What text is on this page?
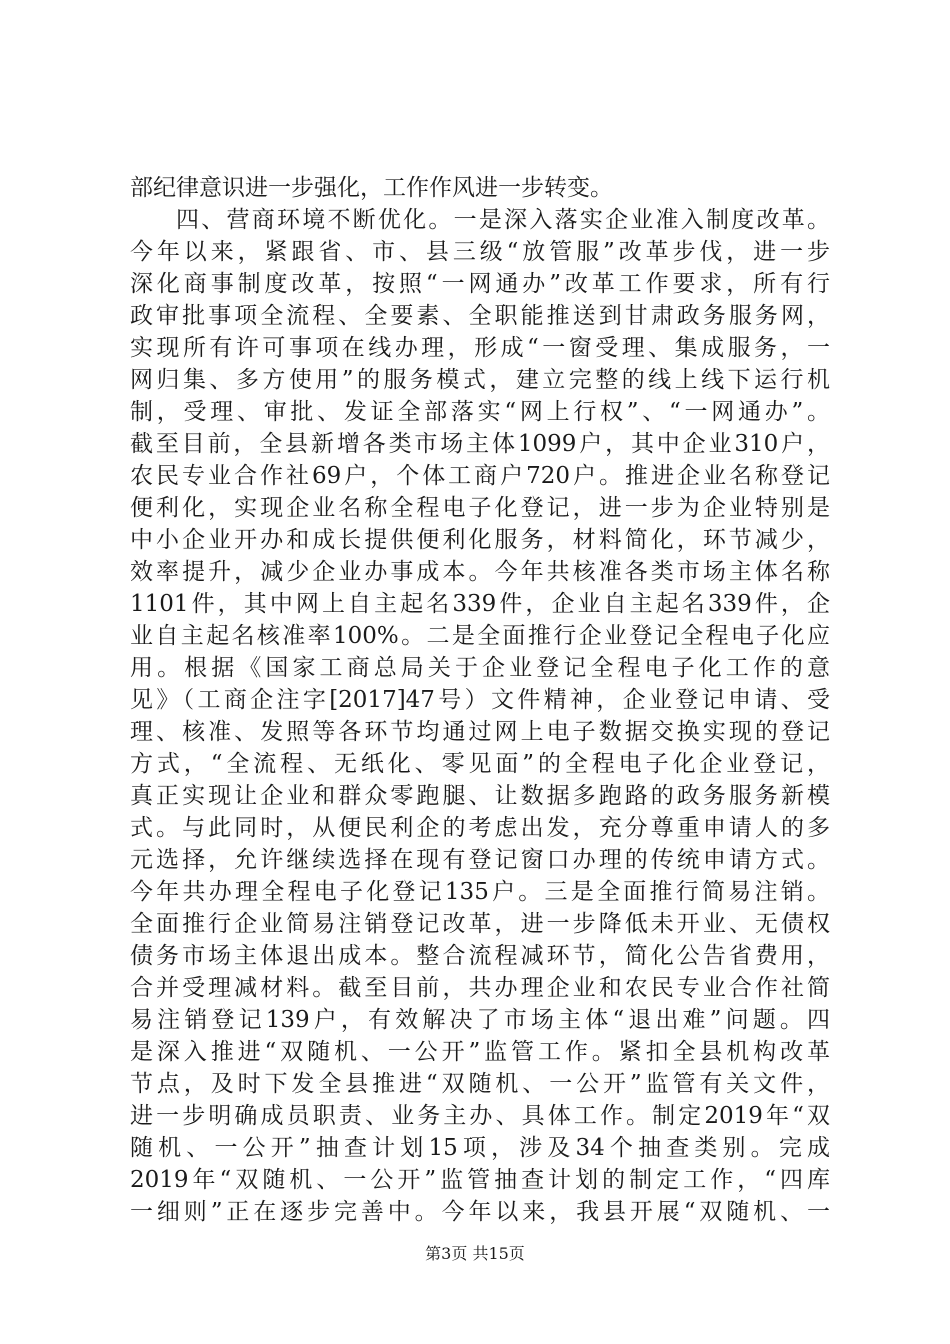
部纪律意识进一步强化，工作作风进一步转变。
四、营商环境不断优化。一是深入落实企业准入制度改革。
今年以来，紧跟省、市、县三级“放管服”改革步伐，进一步
深化商事制度改革，按照“一网通办”改革工作要求，所有行
政审批事项全流程、全要素、全职能推送到甘肃政务服务网，
实现所有许可事项在线办理，形成“一窗受理、集成服务，一
网归集、多方使用”的服务模式，建立完整的线上线下运行机
制，受理、审批、发证全部落实“网上行权”、“一网通办”。
截至目前，全县新增各类市场主体1099户，其中企业310户，
农民专业合作社69户，个体工商户720户。推进企业名称登记
便利化，实现企业名称全程电子化登记，进一步为企业特别是
中小企业开办和成长提供便利化服务，材料简化，环节减少，
效率提升，减少企业办事成本。今年共核准各类市场主体名称
1101件，其中网上自主起名339件，企业自主起名339件，企
业自主起名核准率100%。二是全面推行企业登记全程电子化应
用。根据《国家工商总局关于企业登记全程电子化工作的意
见》（工商企注字[2017]47号）文件精神，企业登记申请、受
理、核准、发照等各环节均通过网上电子数据交换实现的登记
方式，“全流程、无纸化、零见面”的全程电子化企业登记，
真正实现让企业和群众零跑腿、让数据多跑路的政务服务新模
式。与此同时，从便民利企的考虑出发，充分尊重申请人的多
元选择，允许继续选择在现有登记窗口办理的传统申请方式。
今年共办理全程电子化登记135户。三是全面推行简易注销。
全面推行企业简易注销登记改革，进一步降低未开业、无债权
债务市场主体退出成本。整合流程减环节，简化公告省费用，
合并受理减材料。截至目前，共办理企业和农民专业合作社简
易注销登记139户，有效解决了市场主体“退出难”问题。四
是深入推进“双随机、一公开”监管工作。紧扣全县机构改革
节点，及时下发全县推进“双随机、一公开”监管有关文件，
进一步明确成员职责、业务主办、具体工作。制定2019年“双
随机、一公开”抽查计划15项，涉及34个抽查类别。完成
2019年“双随机、一公开”监管抽查计划的制定工作，“四库
一细则”正在逐步完善中。今年以来，我县开展“双随机、一
第3页 共15页
